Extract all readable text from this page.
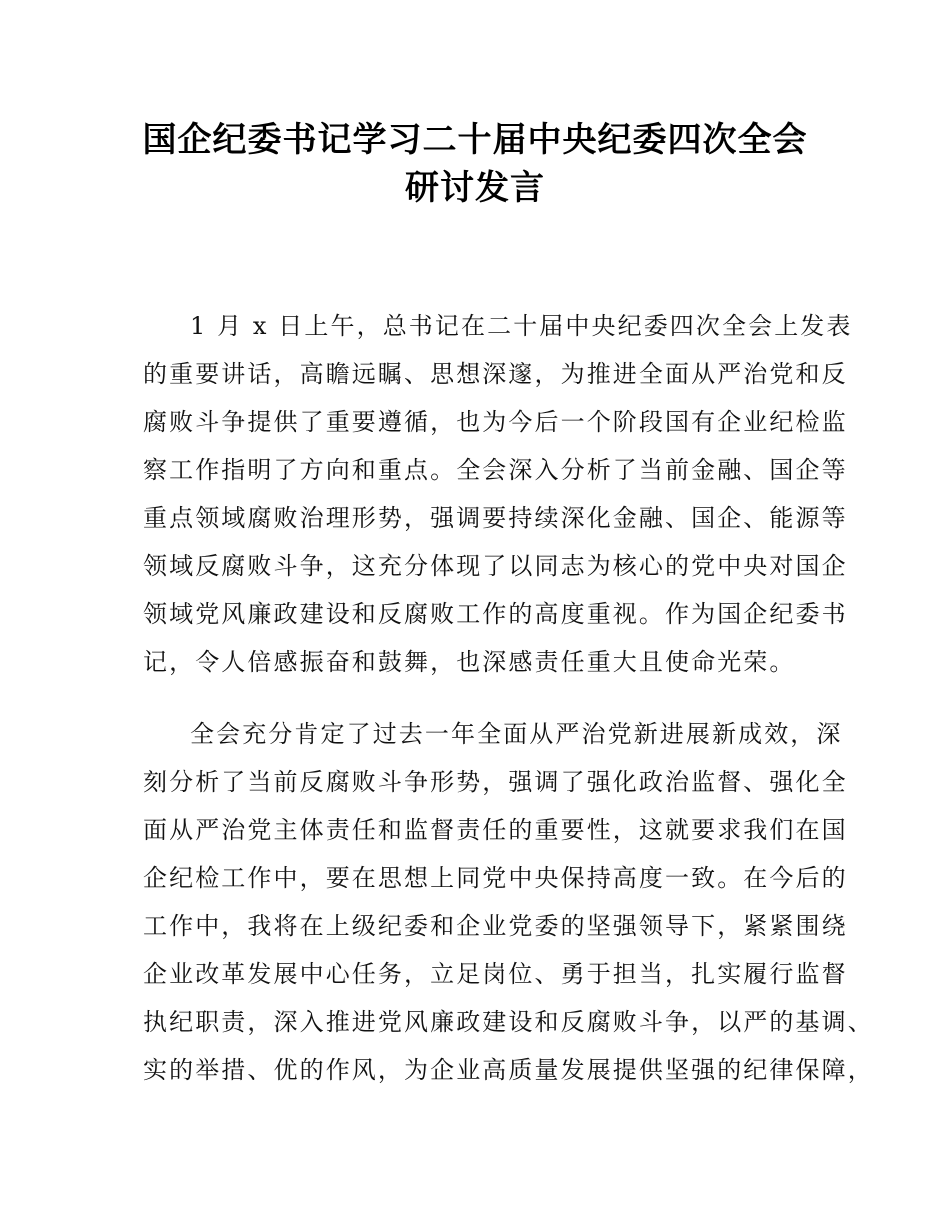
国企纪委书记学习二十届中央纪委四次全会
研讨发言
1 月 x 日上午，总书记在二十届中央纪委四次全会上发表
的重要讲话，高瞻远瞩、思想深邃，为推进全面从严治党和反
腐败斗争提供了重要遵循，也为今后一个阶段国有企业纪检监
察工作指明了方向和重点。全会深入分析了当前金融、国企等
重点领域腐败治理形势，强调要持续深化金融、国企、能源等
领域反腐败斗争，这充分体现了以同志为核心的党中央对国企
领域党风廉政建设和反腐败工作的高度重视。作为国企纪委书
记，令人倍感振奋和鼓舞，也深感责任重大且使命光荣。
全会充分肯定了过去一年全面从严治党新进展新成效，深
刻分析了当前反腐败斗争形势，强调了强化政治监督、强化全
面从严治党主体责任和监督责任的重要性，这就要求我们在国
企纪检工作中，要在思想上同党中央保持高度一致。在今后的
工作中，我将在上级纪委和企业党委的坚强领导下，紧紧围绕
企业改革发展中心任务，立足岗位、勇于担当，扎实履行监督
执纪职责，深入推进党风廉政建设和反腐败斗争，以严的基调、
实的举措、优的作风，为企业高质量发展提供坚强的纪律保障，
